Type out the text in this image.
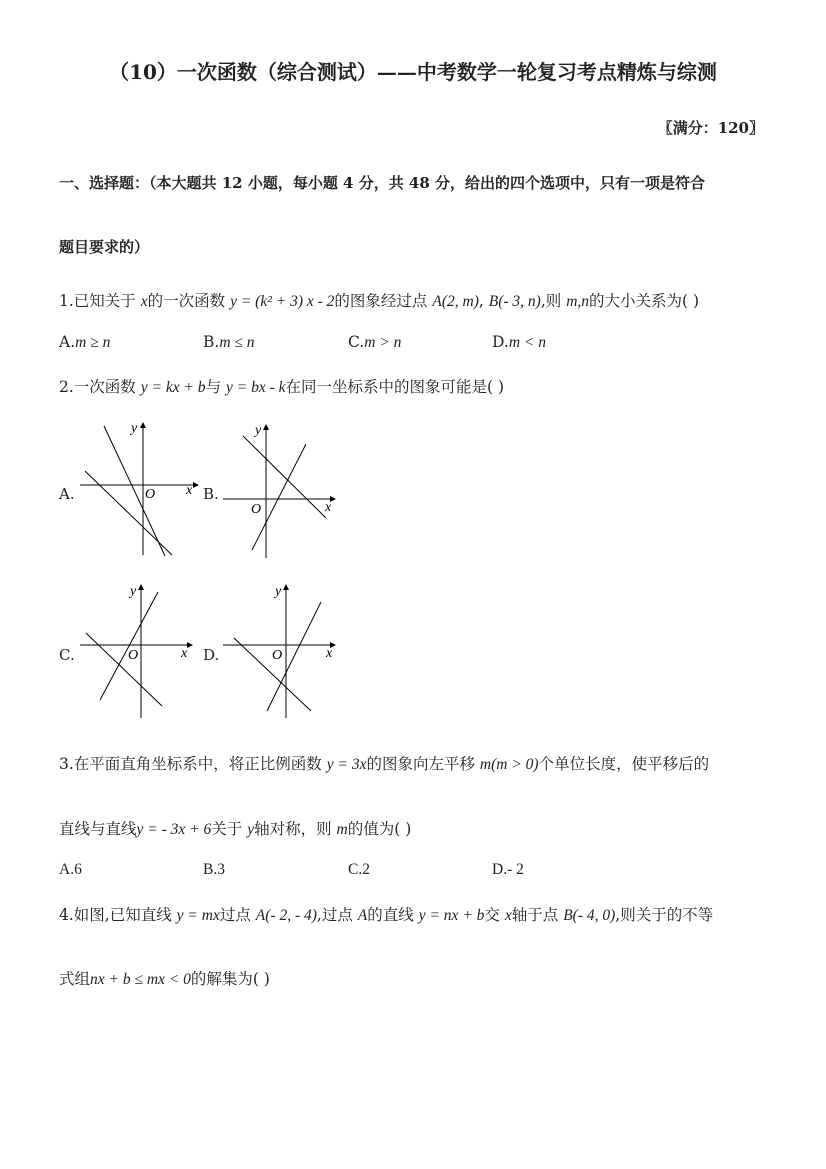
（10）一次函数（综合测试）——中考数学一轮复习考点精炼与综测
〖满分：120〗
一、选择题：（本大题共 12 小题，每小题 4 分，共 48 分，给出的四个选项中，只有一项是符合
题目要求的）
1.已知关于 x的一次函数 y = (k² + 3) x - 2的图象经过点 A(2, m), B(- 3, n),则 m,n的大小关系为( )
A.m ≥ n	B.m ≤ n	C.m > n	D.m < n
2.一次函数 y = kx + b与 y = bx - k在同一坐标系中的图象可能是( )
A.	B.
C.	D.
x
y
O
x
y
O
x
y
O	x
y
O
3.在平面直角坐标系中，将正比例函数 y = 3x的图象向左平移 m(m > 0)个单位长度，使平移后的
直线与直线y = - 3x + 6关于 y轴对称，则 m的值为( )
A.6	B.3	C.2	D.- 2
4.如图,已知直线 y = mx过点 A(- 2, - 4),过点 A的直线 y = nx + b交 x轴于点 B(- 4, 0),则关于的不等
式组nx + b ≤ mx < 0的解集为( )
